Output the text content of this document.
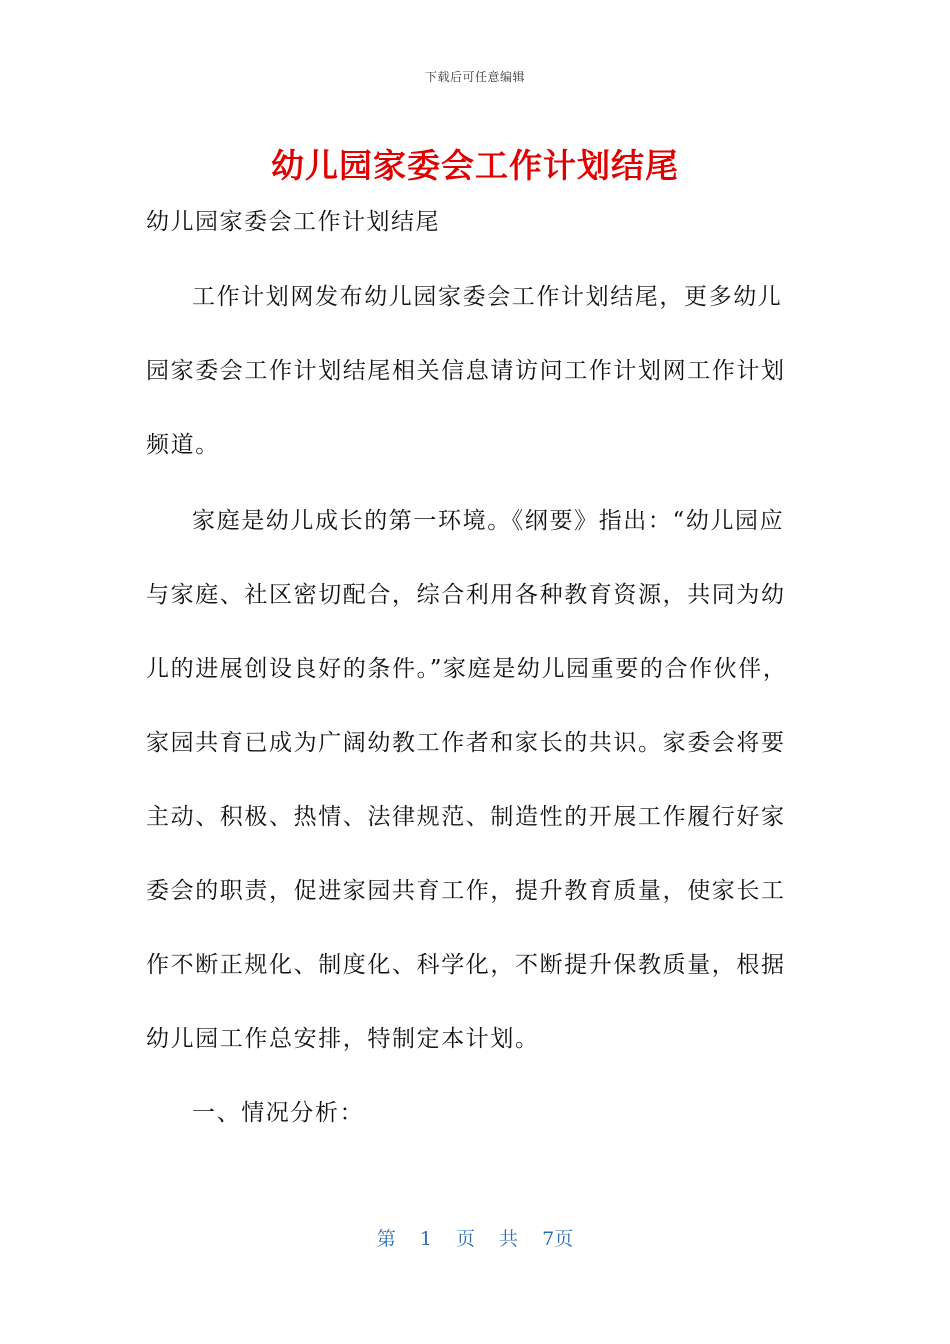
下载后可任意编辑
幼儿园家委会工作计划结尾
幼儿园家委会工作计划结尾

工作计划网发布幼儿园家委会工作计划结尾，更多幼儿园家委会工作计划结尾相关信息请访问工作计划网工作计划频道。

家庭是幼儿成长的第一环境。《纲要》指出：“幼儿园应与家庭、社区密切配合，综合利用各种教育资源，共同为幼儿的进展创设良好的条件。”家庭是幼儿园重要的合作伙伴，家园共育已成为广阔幼教工作者和家长的共识。家委会将要主动、积极、热情、法律规范、制造性的开展工作履行好家委会的职责，促进家园共育工作，提升教育质量，使家长工作不断正规化、制度化、科学化，不断提升保教质量，根据幼儿园工作总安排，特制定本计划。

一、情况分析：

第 1 页 共 7页
